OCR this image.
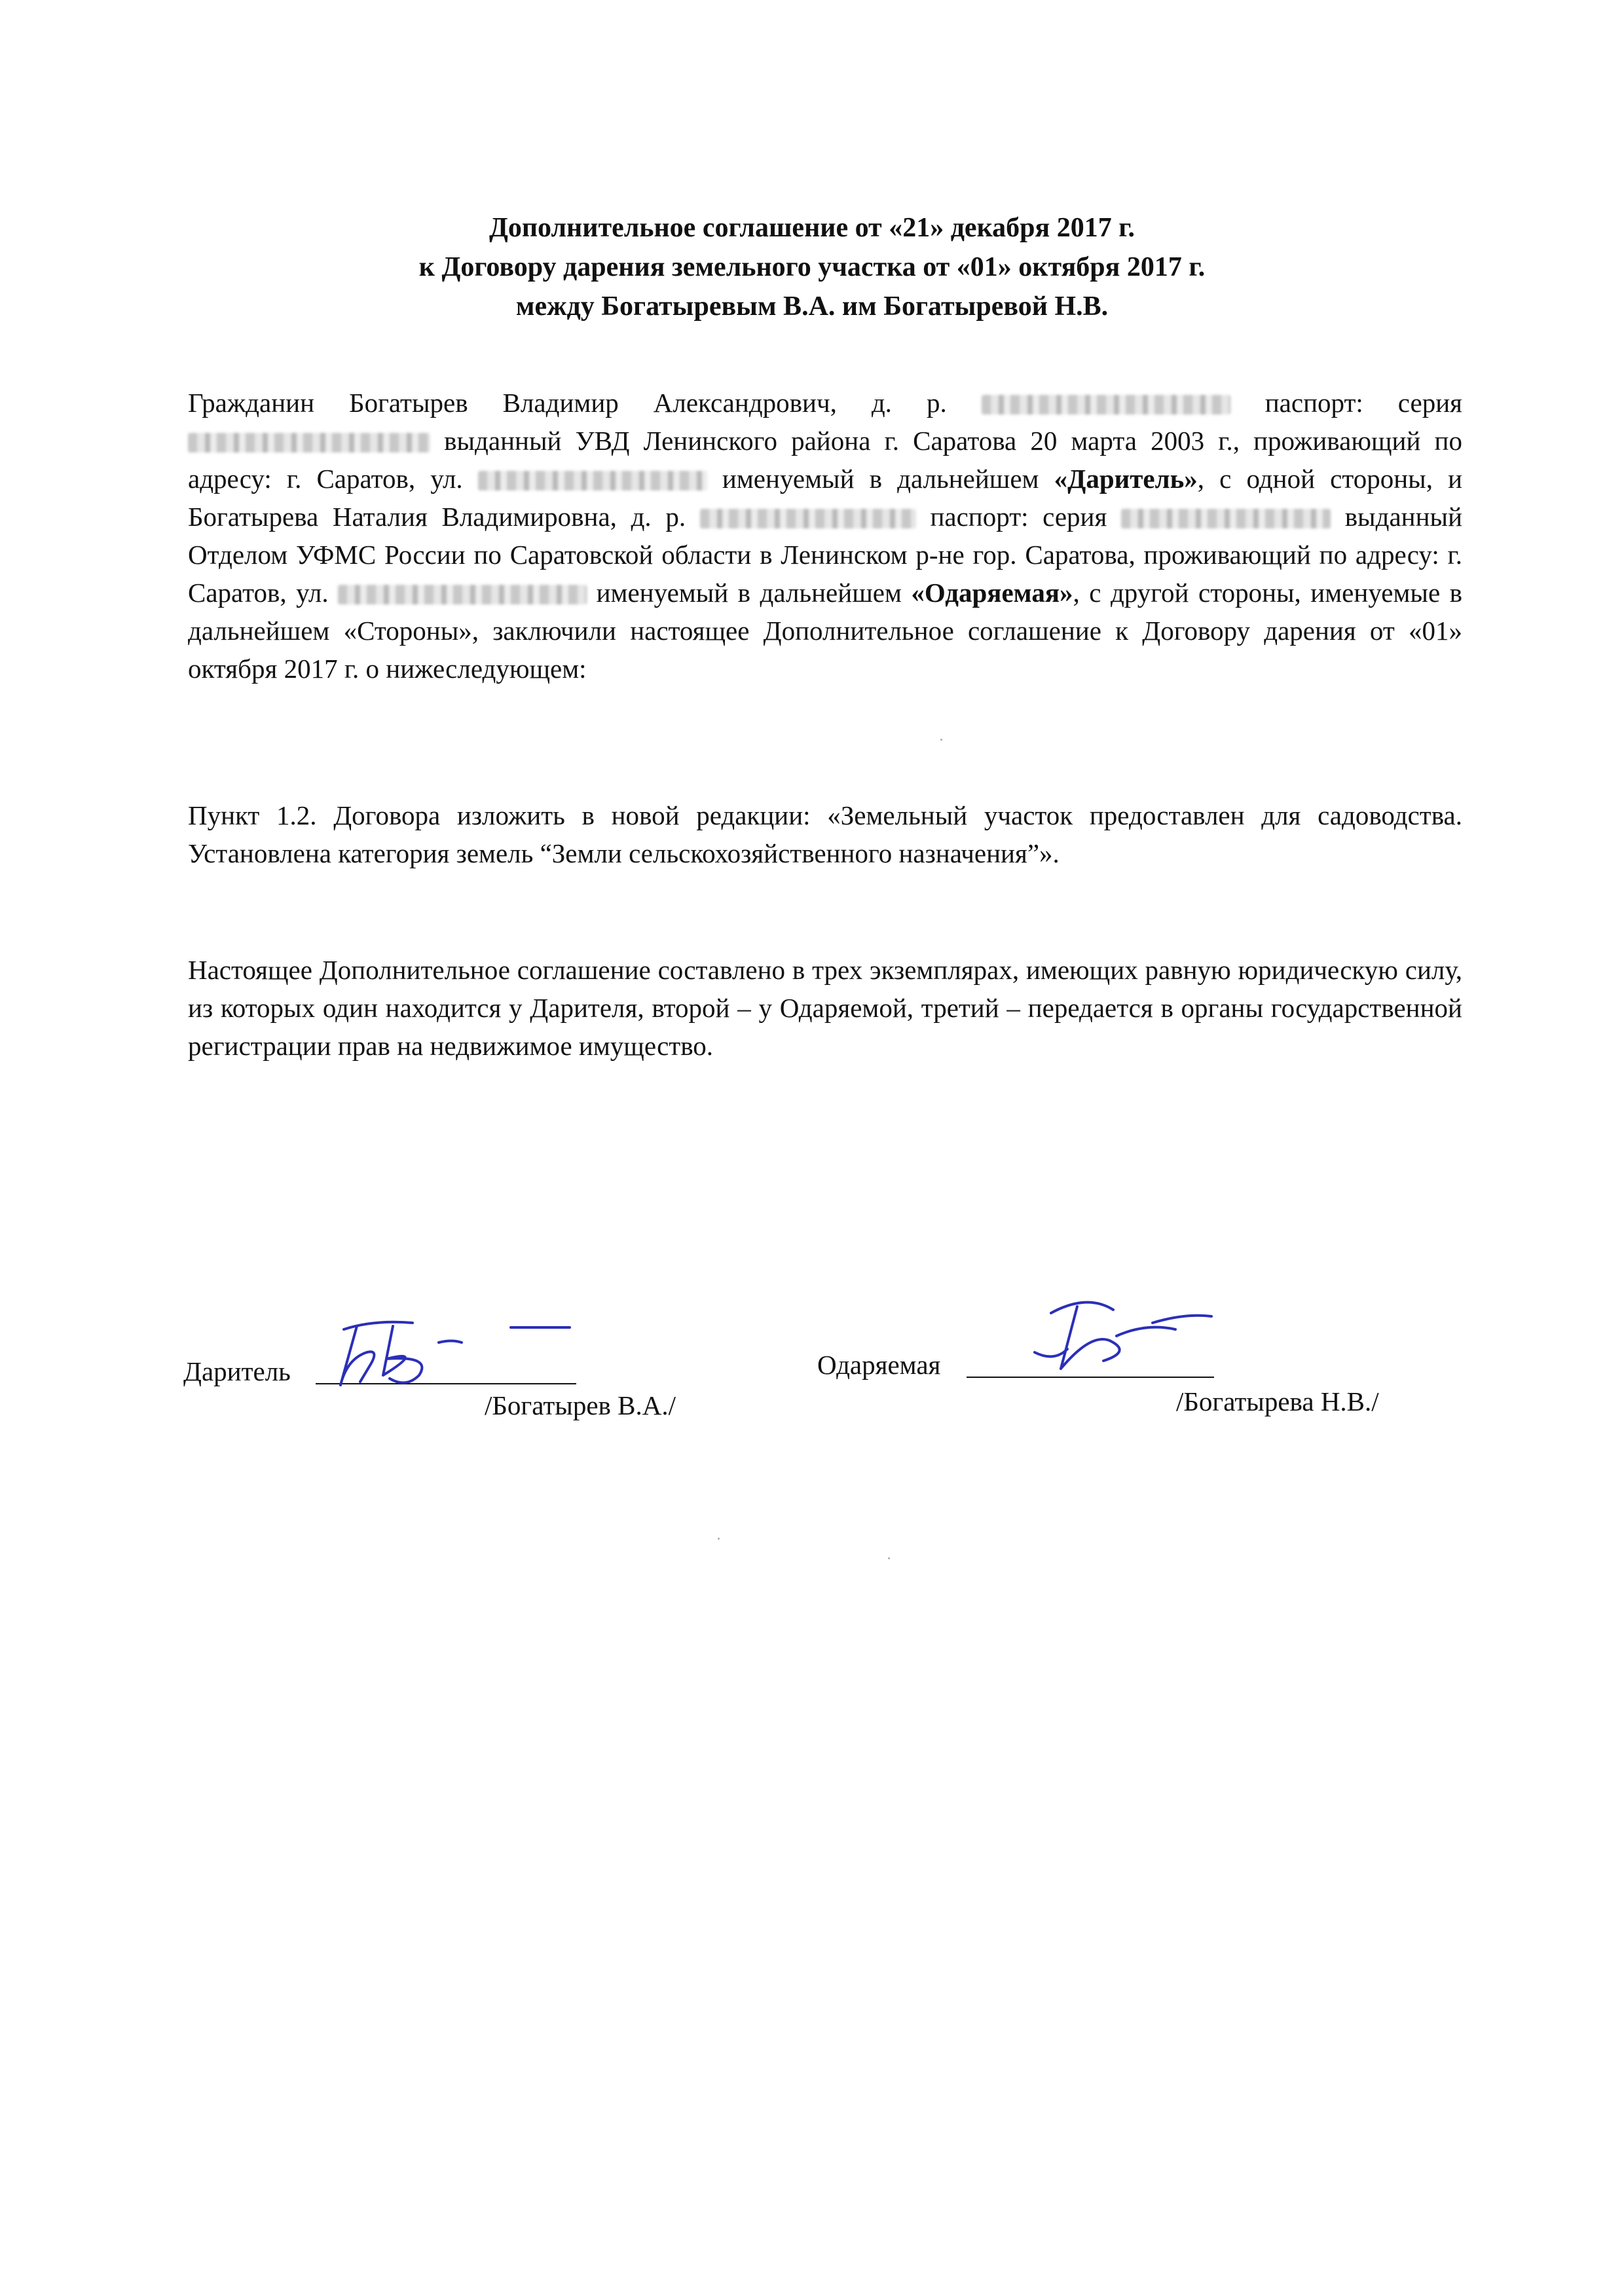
Дополнительное соглашение от «21» декабря 2017 г.
к Договору дарения земельного участка от «01» октября 2017 г.
между Богатыревым В.А. им Богатыревой Н.В.
Гражданин Богатырев Владимир Александрович, д. р.	паспорт: серия  выданный УВД Ленинского района г. Саратова 20 марта 2003 г., проживающий по адресу: г. Саратов, ул.	именуемый в дальнейшем «Даритель», с одной стороны, и Богатырева Наталия Владимировна, д. р.	паспорт: серия	выданный Отделом УФМС России по Саратовской области в Ленинском р-не гор. Саратова, проживающий по адресу: г. Саратов, ул.	именуемый в дальнейшем «Одаряемая», с другой стороны, именуемые в дальнейшем «Стороны», заключили настоящее Дополнительное соглашение к Договору дарения от «01» октября 2017 г. о нижеследующем:
Пункт 1.2. Договора изложить в новой редакции: «Земельный участок предоставлен для садоводства. Установлена категория земель “Земли сельскохозяйственного назначения”».
Настоящее Дополнительное соглашение составлено в трех экземплярах, имеющих равную юридическую силу, из которых один находится у Дарителя, второй – у Одаряемой, третий – передается в органы государственной регистрации прав на недвижимое имущество.
Даритель
/Богатырев В.А./
Одаряемая
/Богатырева Н.В./
